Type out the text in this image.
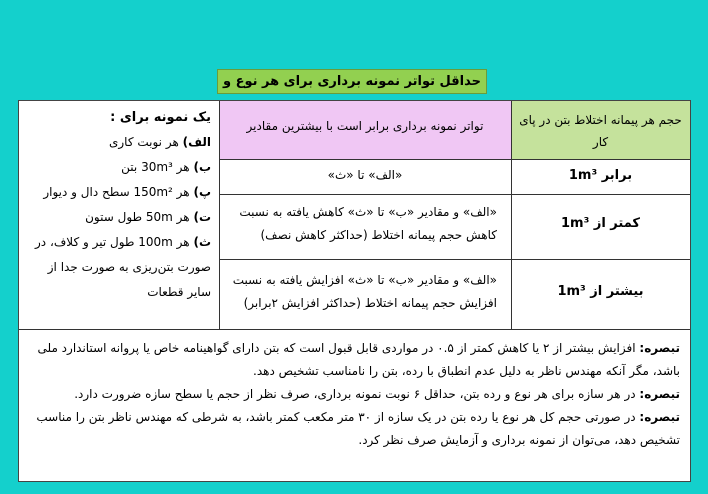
حداقل تواتر نمونه برداری برای هر نوع و
حجم هر پیمانه اختلاط بتن در پای کار
تواتر نمونه برداری برابر است با بیشترین مقادیر
برابر 1m³
«الف» تا «ث»
کمتر از 1m³
«الف» و مقادیر «ب» تا «ث» کاهش یافته به نسبت کاهش حجم پیمانه اختلاط (حداکثر کاهش نصف)
بیشتر از 1m³
«الف» و مقادیر «ب» تا «ث» افزایش یافته به نسبت افزایش حجم پیمانه اختلاط (حداکثر افزایش ۲برابر)
یک نمونه برای :
الف) هر نوبت کاری
ب) هر 30m³ بتن
پ) هر 150m² سطح دال و دیوار
ت) هر 50m طول ستون
ث) هر 100m طول تیر و کلاف، در صورت بتن‌ریزی به صورت جدا از سایر قطعات
تبصره: افزایش بیشتر از ۲ یا کاهش کمتر از ۰.۵ در مواردی قابل قبول است که بتن دارای گواهینامه خاص یا پروانه استاندارد ملی باشد، مگر آنکه مهندس ناظر به دلیل عدم انطباق با رده، بتن را نامناسب تشخیص دهد.
تبصره: در هر سازه برای هر نوع و رده بتن، حداقل ۶ نوبت نمونه برداری، صرف نظر از حجم یا سطح سازه ضرورت دارد.
تبصره: در صورتی حجم کل هر نوع یا رده بتن در یک سازه از ۳۰ متر مکعب کمتر باشد، به شرطی که مهندس ناظر بتن را مناسب تشخیص دهد، می‌توان از نمونه برداری و آزمایش صرف نظر کرد.
